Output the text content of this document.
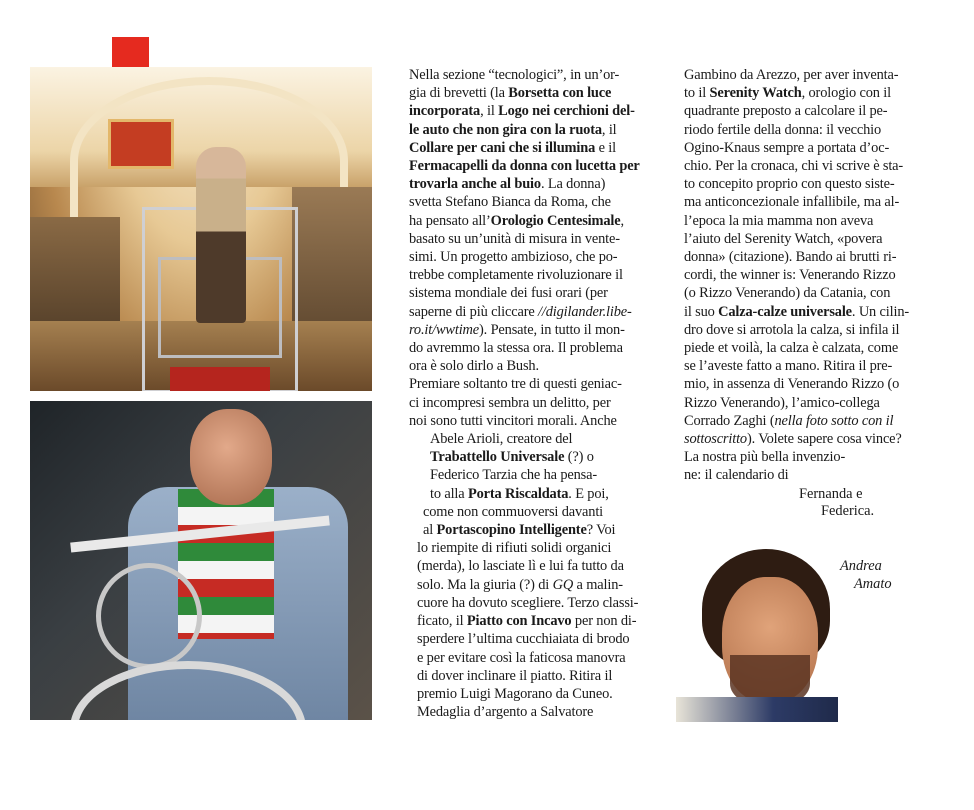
Nella sezione “tecnologici”, in un’or-

gia di brevetti (la Borsetta con luce

incorporata, il Logo nei cerchioni del-

le auto che non gira con la ruota, il

Collare per cani che si illumina e il

Fermacapelli da donna con lucetta per

trovarla anche al buio. La donna)

svetta Stefano Bianca da Roma, che

ha pensato all’Orologio Centesimale,

basato su un’unità di misura in vente-

simi. Un progetto ambizioso, che po-

trebbe completamente rivoluzionare il

sistema mondiale dei fusi orari (per

saperne di più cliccare //digilander.libe-

ro.it/wwtime). Pensate, in tutto il mon-

do avremmo la stessa ora. Il problema

ora è solo dirlo a Bush.

Premiare soltanto tre di questi geniac-

ci incompresi sembra un delitto, per

noi sono tutti vincitori morali. Anche

Abele Arioli, creatore del

Trabattello Universale (?) o

Federico Tarzia che ha pensa-

to alla Porta Riscaldata. E poi,

come non commuoversi davanti

al Portascopino Intelligente? Voi

lo riempite di rifiuti solidi organici

(merda), lo lasciate lì e lui fa tutto da

solo. Ma la giuria (?) di GQ a malin-

cuore ha dovuto scegliere. Terzo classi-

ficato, il Piatto con Incavo per non di-

sperdere l’ultima cucchiaiata di brodo

e per evitare così la faticosa manovra

di dover inclinare il piatto. Ritira il

premio Luigi Magorano da Cuneo.

Medaglia d’argento a Salvatore

Gambino da Arezzo, per aver inventa-

to il Serenity Watch, orologio con il

quadrante preposto a calcolare il pe-

riodo fertile della donna: il vecchio

Ogino-Knaus sempre a portata d’oc-

chio. Per la cronaca, chi vi scrive è sta-

to concepito proprio con questo siste-

ma anticoncezionale infallibile, ma al-

l’epoca la mia mamma non aveva

l’aiuto del Serenity Watch, «povera

donna» (citazione). Bando ai brutti ri-

cordi, the winner is: Venerando Rizzo

(o Rizzo Venerando) da Catania, con

il suo Calza-calze universale. Un cilin-

dro dove si arrotola la calza, si infila il

piede et voilà, la calza è calzata, come

se l’aveste fatto a mano. Ritira il pre-

mio, in assenza di Venerando Rizzo (o

Rizzo Venerando), l’amico-collega

Corrado Zaghi (nella foto sotto con il

sottoscritto). Volete sapere cosa vince?

La nostra più bella invenzio-

ne: il calendario di

Fernanda e
Federica.
Andrea
Amato
